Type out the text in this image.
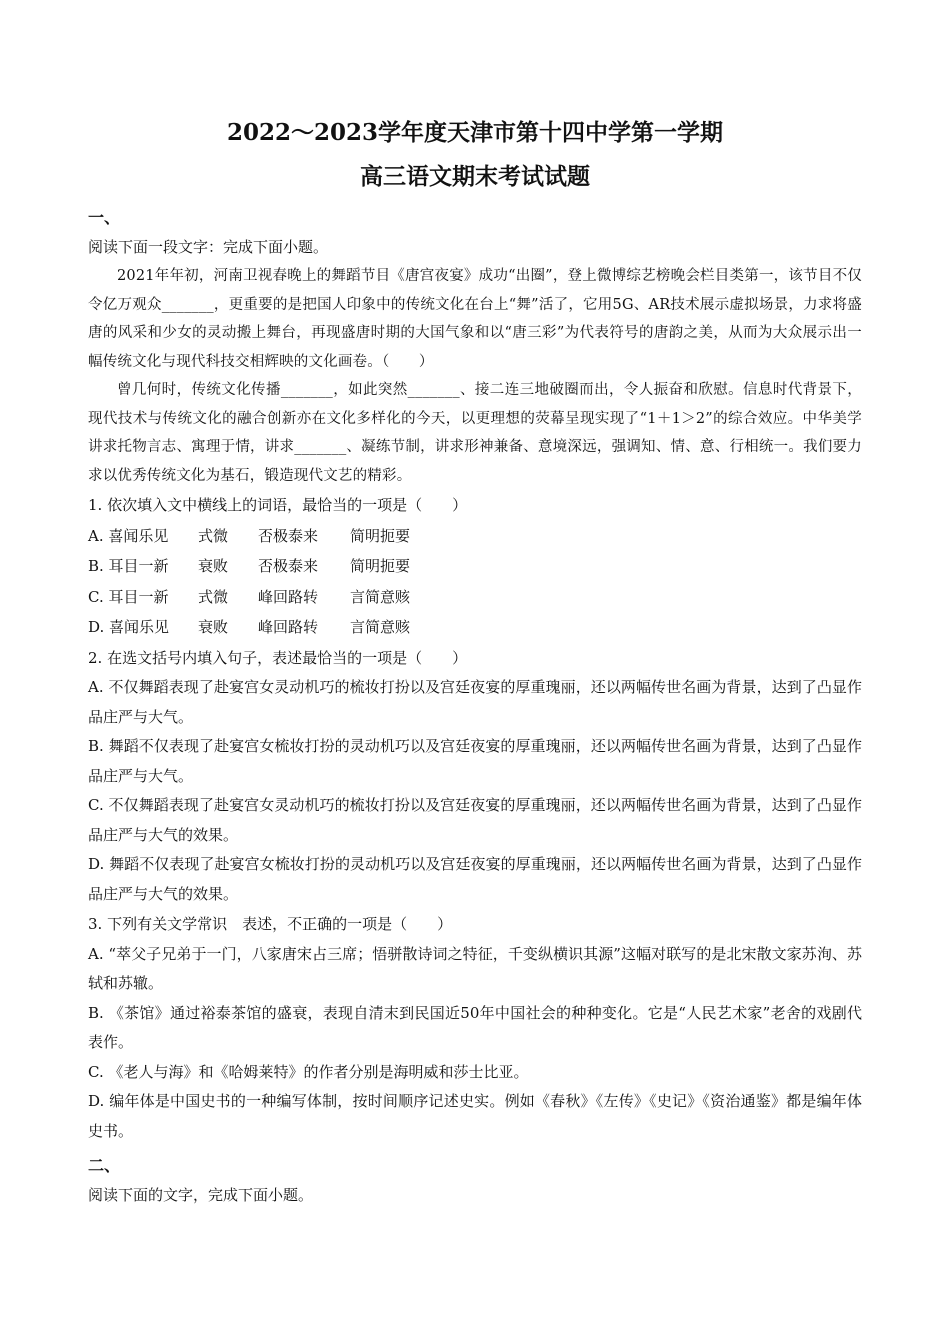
2022～2023学年度天津市第十四中学第一学期
高三语文期末考试试题
一、

阅读下面一段文字：完成下面小题。

2021年年初，河南卫视春晚上的舞蹈节目《唐宫夜宴》成功“出圈”，登上微博综艺榜晚会栏目类第一，该节目不仅令亿万观众_______，更重要的是把国人印象中的传统文化在台上“舞”活了，它用5G、AR技术展示虚拟场景，力求将盛唐的风采和少女的灵动搬上舞台，再现盛唐时期的大国气象和以“唐三彩”为代表符号的唐韵之美，从而为大众展示出一幅传统文化与现代科技交相辉映的文化画卷。（　　）

曾几何时，传统文化传播_______，如此突然_______、接二连三地破圈而出，令人振奋和欣慰。信息时代背景下，现代技术与传统文化的融合创新亦在文化多样化的今天，以更理想的荧幕呈现实现了“1＋1＞2”的综合效应。中华美学讲求托物言志、寓理于情，讲求_______、凝练节制，讲求形神兼备、意境深远，强调知、情、意、行相统一。我们要力求以优秀传统文化为基石，锻造现代文艺的精彩。

1. 依次填入文中横线上的词语，最恰当的一项是（　　）

A. 喜闻乐见 式微 否极泰来 简明扼要

B. 耳目一新 衰败 否极泰来 简明扼要

C. 耳目一新 式微 峰回路转 言简意赅

D. 喜闻乐见 衰败 峰回路转 言简意赅

2. 在选文括号内填入句子，表述最恰当的一项是（　　）

A. 不仅舞蹈表现了赴宴宫女灵动机巧的梳妆打扮以及宫廷夜宴的厚重瑰丽，还以两幅传世名画为背景，达到了凸显作品庄严与大气。

B. 舞蹈不仅表现了赴宴宫女梳妆打扮的灵动机巧以及宫廷夜宴的厚重瑰丽，还以两幅传世名画为背景，达到了凸显作品庄严与大气。

C. 不仅舞蹈表现了赴宴宫女灵动机巧的梳妆打扮以及宫廷夜宴的厚重瑰丽，还以两幅传世名画为背景，达到了凸显作品庄严与大气的效果。

D. 舞蹈不仅表现了赴宴宫女梳妆打扮的灵动机巧以及宫廷夜宴的厚重瑰丽，还以两幅传世名画为背景，达到了凸显作品庄严与大气的效果。

3. 下列有关文学常识　表述，不正确的一项是（　　）

A. “萃父子兄弟于一门，八家唐宋占三席；悟骈散诗词之特征，千变纵横识其源”这幅对联写的是北宋散文家苏洵、苏轼和苏辙。

B. 《茶馆》通过裕泰茶馆的盛衰，表现自清末到民国近50年中国社会的种种变化。它是“人民艺术家”老舍的戏剧代表作。

C. 《老人与海》和《哈姆莱特》的作者分别是海明威和莎士比亚。

D. 编年体是中国史书的一种编写体制，按时间顺序记述史实。例如《春秋》《左传》《史记》《资治通鉴》都是编年体史书。

二、

阅读下面的文字，完成下面小题。
